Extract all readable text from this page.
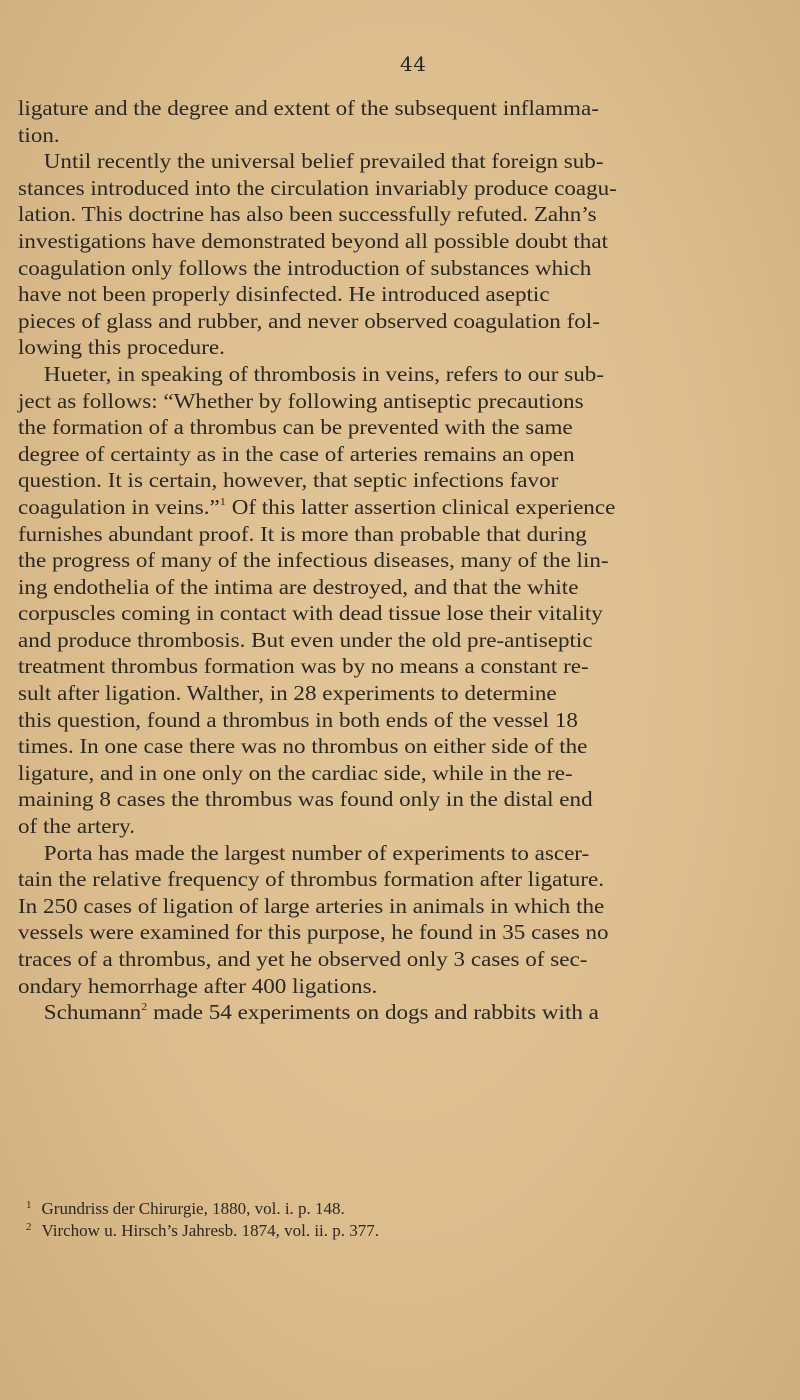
44
ligature and the degree and extent of the subsequent inflamma-
tion.
Until recently the universal belief prevailed that foreign sub-
stances introduced into the circulation invariably produce coagu-
lation. This doctrine has also been successfully refuted. Zahn’s
investigations have demonstrated beyond all possible doubt that
coagulation only follows the introduction of substances which
have not been properly disinfected. He introduced aseptic
pieces of glass and rubber, and never observed coagulation fol-
lowing this procedure.
Hueter, in speaking of thrombosis in veins, refers to our sub-
ject as follows: “Whether by following antiseptic precautions
the formation of a thrombus can be prevented with the same
degree of certainty as in the case of arteries remains an open
question. It is certain, however, that septic infections favor
coagulation in veins.”$^1$ Of this latter assertion clinical experience
furnishes abundant proof. It is more than probable that during
the progress of many of the infectious diseases, many of the lin-
ing endothelia of the intima are destroyed, and that the white
corpuscles coming in contact with dead tissue lose their vitality
and produce thrombosis. But even under the old pre-antiseptic
treatment thrombus formation was by no means a constant re-
sult after ligation. Walther, in 28 experiments to determine
this question, found a thrombus in both ends of the vessel 18
times. In one case there was no thrombus on either side of the
ligature, and in one only on the cardiac side, while in the re-
maining 8 cases the thrombus was found only in the distal end
of the artery.
Porta has made the largest number of experiments to ascer-
tain the relative frequency of thrombus formation after ligature.
In 250 cases of ligation of large arteries in animals in which the
vessels were examined for this purpose, he found in 35 cases no
traces of a thrombus, and yet he observed only 3 cases of sec-
ondary hemorrhage after 400 ligations.
Schumann$^2$ made 54 experiments on dogs and rabbits with a
$^1$ Grundriss der Chirurgie, 1880, vol. i. p. 148.
$^2$ Virchow u. Hirsch’s Jahresb. 1874, vol. ii. p. 377.
